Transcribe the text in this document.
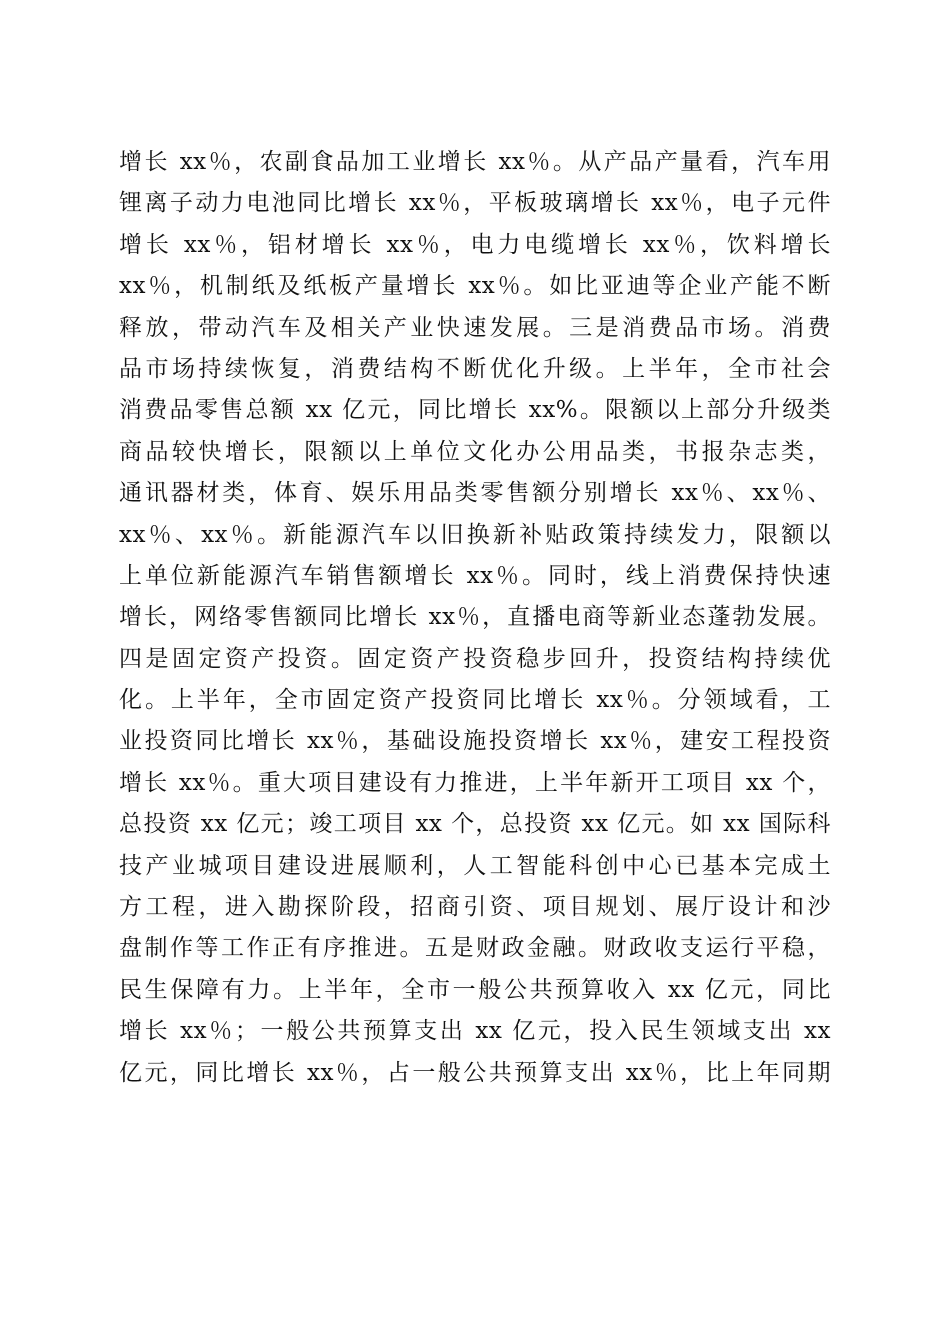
增长 xx％，农副食品加工业增长 xx％。从产品产量看，汽车用
锂离子动力电池同比增长 xx％，平板玻璃增长 xx％，电子元件
增长 xx％，铝材增长 xx％，电力电缆增长 xx％，饮料增长
xx％，机制纸及纸板产量增长 xx％。如比亚迪等企业产能不断
释放，带动汽车及相关产业快速发展。三是消费品市场。消费
品市场持续恢复，消费结构不断优化升级。上半年，全市社会
消费品零售总额 xx 亿元，同比增长 xx%。限额以上部分升级类
商品较快增长，限额以上单位文化办公用品类，书报杂志类，
通讯器材类，体育、娱乐用品类零售额分别增长 xx％、xx％、
xx％、xx％。新能源汽车以旧换新补贴政策持续发力，限额以
上单位新能源汽车销售额增长 xx％。同时，线上消费保持快速
增长，网络零售额同比增长 xx％，直播电商等新业态蓬勃发展。
四是固定资产投资。固定资产投资稳步回升，投资结构持续优
化。上半年，全市固定资产投资同比增长 xx％。分领域看，工
业投资同比增长 xx％，基础设施投资增长 xx％，建安工程投资
增长 xx％。重大项目建设有力推进，上半年新开工项目 xx 个，
总投资 xx 亿元；竣工项目 xx 个，总投资 xx 亿元。如 xx 国际科
技产业城项目建设进展顺利，人工智能科创中心已基本完成土
方工程，进入勘探阶段，招商引资、项目规划、展厅设计和沙
盘制作等工作正有序推进。五是财政金融。财政收支运行平稳，
民生保障有力。上半年，全市一般公共预算收入 xx 亿元，同比
增长 xx％；一般公共预算支出 xx 亿元，投入民生领域支出 xx
亿元，同比增长 xx％，占一般公共预算支出 xx％，比上年同期
